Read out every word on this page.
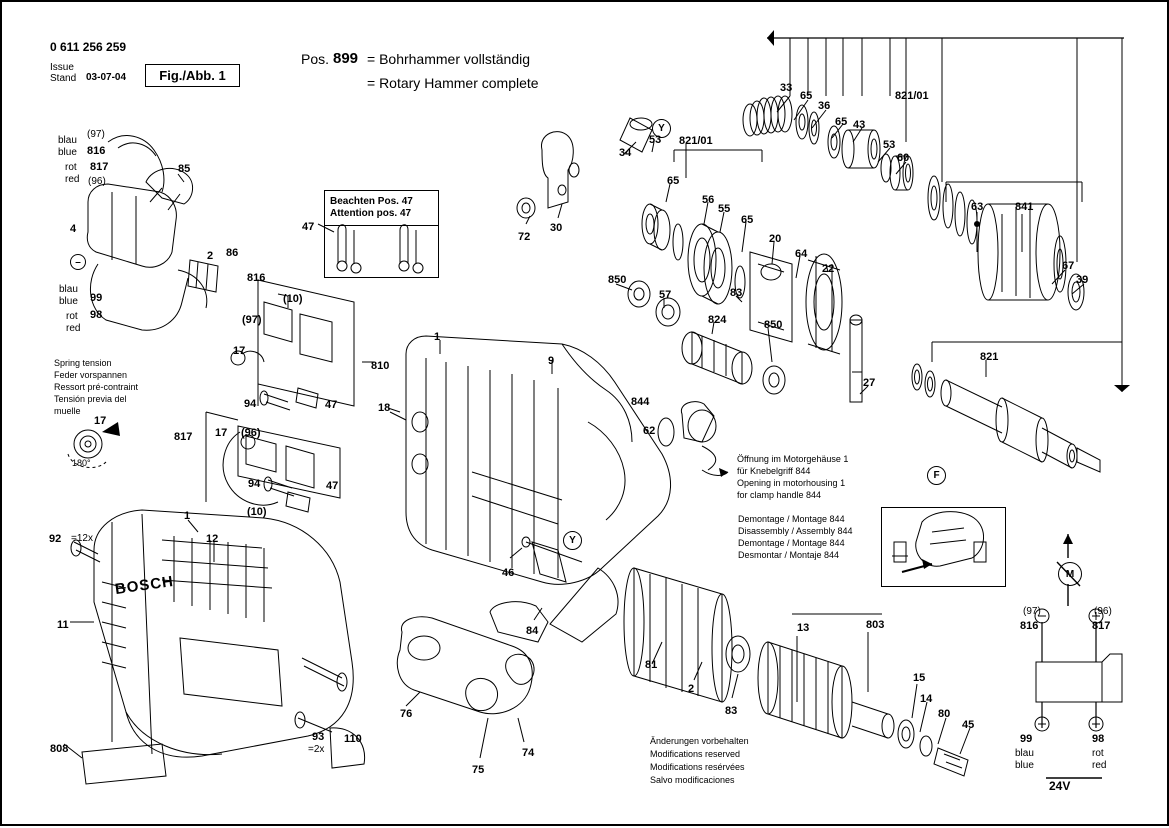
0 611 256 259
Issue
Stand 03-07-04	Fig./Abb. 1
Pos. 899 = Bohrhammer vollständig
= Rotary Hammer complete
blau
blue
(97)
816
rot
red
817
(96)
blau
blue 99
rot
red
98
Beachten Pos. 47
Attention pos. 47
Spring tension
Feder vorspannen
Ressort pré-contraint
Tensión previa del
muelle
17
180°	Öffnung im Motorgehäuse 1
für Knebelgriff 844
Opening in motorhousing 1
for clamp handle 844
Demontage / Montage 844
Disassembly / Assembly 844
Demontage / Montage 844
Desmontar / Montaje 844
Änderungen vorbehalten
Modifications reserved
Modifications resérvées
Salvo modificaciones
=12x
=2x
M
(97)
816
(96)
817
99
blau
blue
98
rot
red
24V
BOSCH
Y
Y
F
–
4
85
86
2
816
810
817
17
17
94
94
47
47
47
(97)
(96)
(10)
(10)
1
9
18
46
84
76
74
75
81
2
83
13	803
15
14
80
45
92	12
1
11
808
93 110
72
30
34
53 821/01
65
56
55
65
20
64
22
850
57
824	850
83
27
821
33
65
36
65 43
53
60
821/01
63	841
67
39
844
62
